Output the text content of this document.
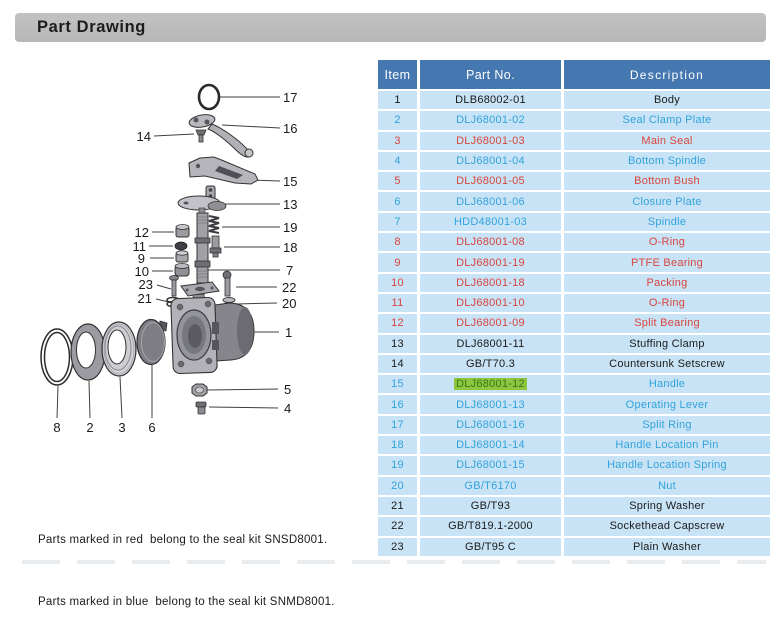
Part Drawing
17
16
14
15
13
19
12
11
9
18
10	7
23
21
22
20
1
5
4
8 2 3 6
Item	Part No.	Description
1	DLB68002-01	Body
2	DLJ68001-02	Seal Clamp Plate
3	DLJ68001-03	Main Seal
4	DLJ68001-04	Bottom Spindle
5	DLJ68001-05	Bottom Bush
6	DLJ68001-06	Closure Plate
7	HDD48001-03	Spindle
8	DLJ68001-08	O-Ring
9	DLJ68001-19	PTFE Bearing
10	DLJ68001-18	Packing
11	DLJ68001-10	O-Ring
12	DLJ68001-09	Split Bearing
13	DLJ68001-11	Stuffing Clamp
14	GB/T70.3	Countersunk Setscrew
15	DLJ68001-12	Handle
16	DLJ68001-13	Operating Lever
17	DLJ68001-16	Split Ring
18	DLJ68001-14	Handle Location Pin
19	DLJ68001-15	Handle Location Spring
20	GB/T6170	Nut
21	GB/T93	Spring Washer
22	GB/T819.1-2000	Sockethead Capscrew
23	GB/T95 C	Plain Washer

Parts marked in red  belong to the seal kit SNSD8001.

Parts marked in blue  belong to the seal kit SNMD8001.
